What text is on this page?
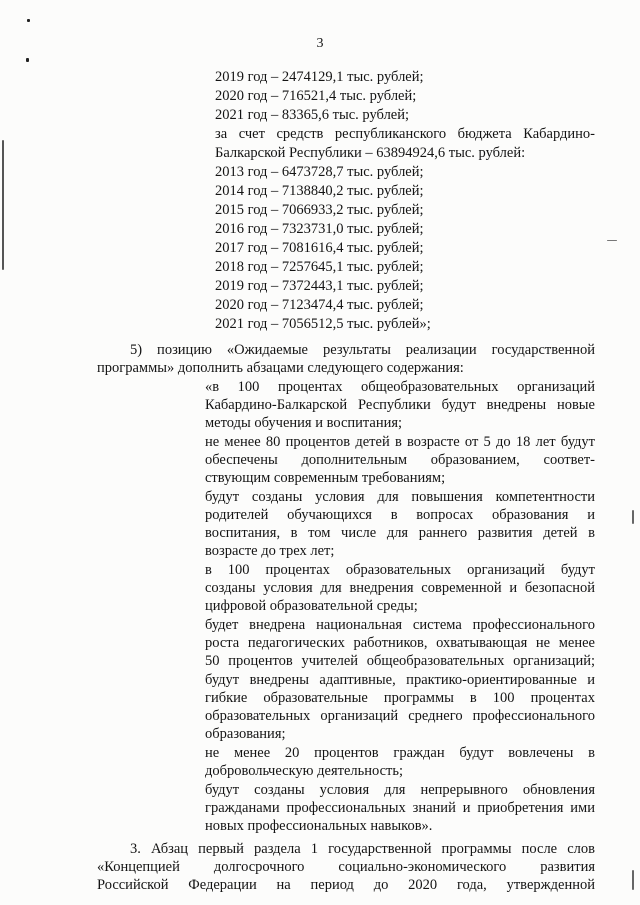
3
2019 год – 2474129,1 тыс. рублей;
2020 год – 716521,4 тыс. рублей;
2021 год – 83365,6 тыс. рублей;
за счет средств республиканского бюджета Кабардино-
Балкарской Республики – 63894924,6 тыс. рублей:
2013 год – 6473728,7 тыс. рублей;
2014 год – 7138840,2 тыс. рублей;
2015 год – 7066933,2 тыс. рублей;
2016 год – 7323731,0 тыс. рублей;
2017 год – 7081616,4 тыс. рублей;
2018 год – 7257645,1 тыс. рублей;
2019 год – 7372443,1 тыс. рублей;
2020 год – 7123474,4 тыс. рублей;
2021 год – 7056512,5 тыс. рублей»;
5) позицию «Ожидаемые результаты реализации государственной
программы» дополнить абзацами следующего содержания:
«в 100 процентах общеобразовательных организаций
Кабардино-Балкарской Республики будут внедрены новые
методы обучения и воспитания;
не менее 80 процентов детей в возрасте от 5 до 18 лет будут
обеспечены дополнительным образованием, соответ-
ствующим современным требованиям;
будут созданы условия для повышения компетентности
родителей обучающихся в вопросах образования и
воспитания, в том числе для раннего развития детей в
возрасте до трех лет;
в 100 процентах образовательных организаций будут
созданы условия для внедрения современной и безопасной
цифровой образовательной среды;
будет внедрена национальная система профессионального
роста педагогических работников, охватывающая не менее
50 процентов учителей общеобразовательных организаций;
будут внедрены адаптивные, практико-ориентированные и
гибкие образовательные программы в 100 процентах
образовательных организаций среднего профессионального
образования;
не менее 20 процентов граждан будут вовлечены в
добровольческую деятельность;
будут созданы условия для непрерывного обновления
гражданами профессиональных знаний и приобретения ими
новых профессиональных навыков».
3. Абзац первый раздела 1 государственной программы после слов
«Концепцией долгосрочного социально-экономического развития
Российской Федерации на период до 2020 года, утвержденной
